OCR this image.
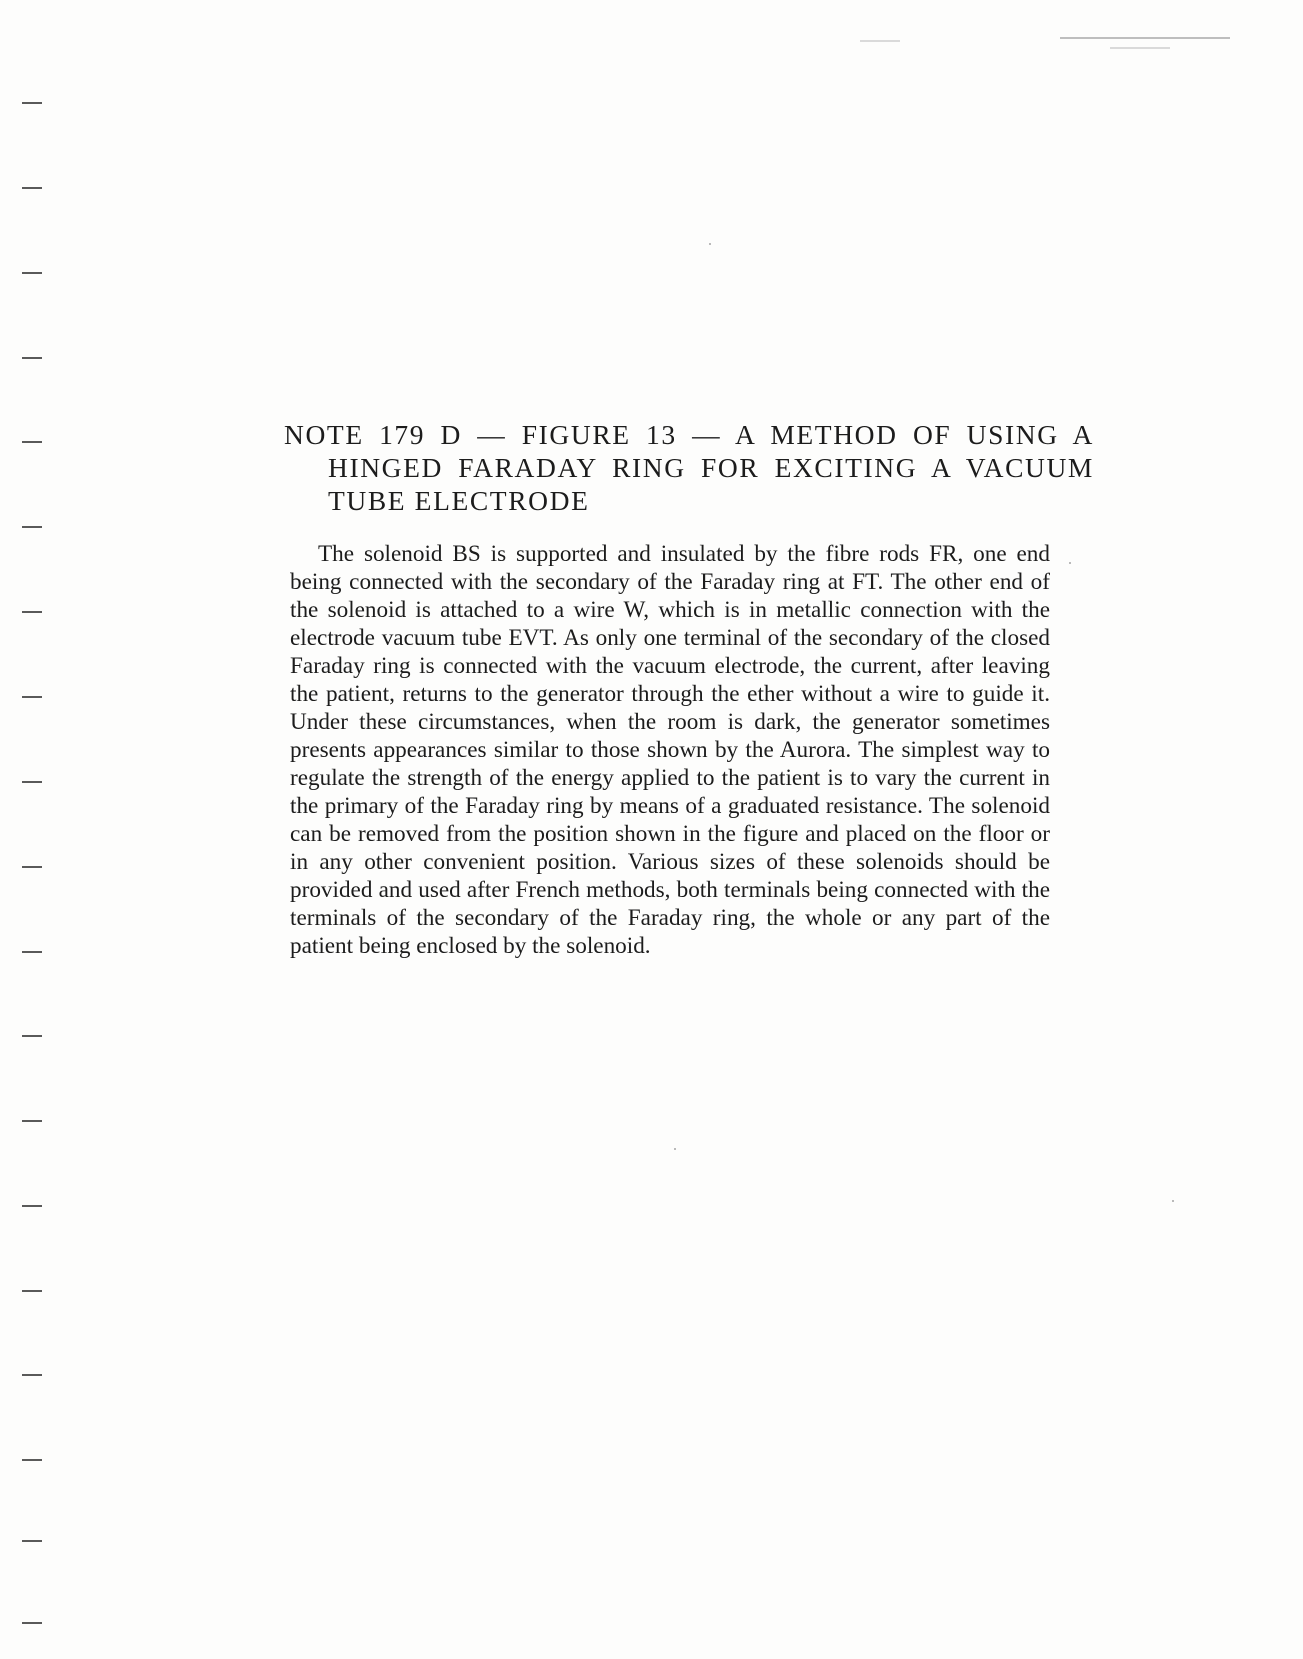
NOTE 179 D — FIGURE 13 — A METHOD OF USING A HINGED FARADAY RING FOR EXCITING A VACUUM TUBE ELECTRODE

The solenoid BS is supported and insulated by the fibre rods FR, one end being connected with the secondary of the Faraday ring at FT. The other end of the solenoid is attached to a wire W, which is in metallic connection with the electrode vacuum tube EVT. As only one terminal of the secondary of the closed Faraday ring is connected with the vacuum electrode, the current, after leaving the patient, returns to the generator through the ether without a wire to guide it. Under these circumstances, when the room is dark, the generator sometimes presents appearances similar to those shown by the Aurora. The simplest way to regulate the strength of the energy applied to the patient is to vary the current in the primary of the Faraday ring by means of a graduated resistance. The solenoid can be removed from the position shown in the figure and placed on the floor or in any other convenient position. Various sizes of these solenoids should be provided and used after French methods, both terminals being connected with the terminals of the secondary of the Faraday ring, the whole or any part of the patient being enclosed by the solenoid.
